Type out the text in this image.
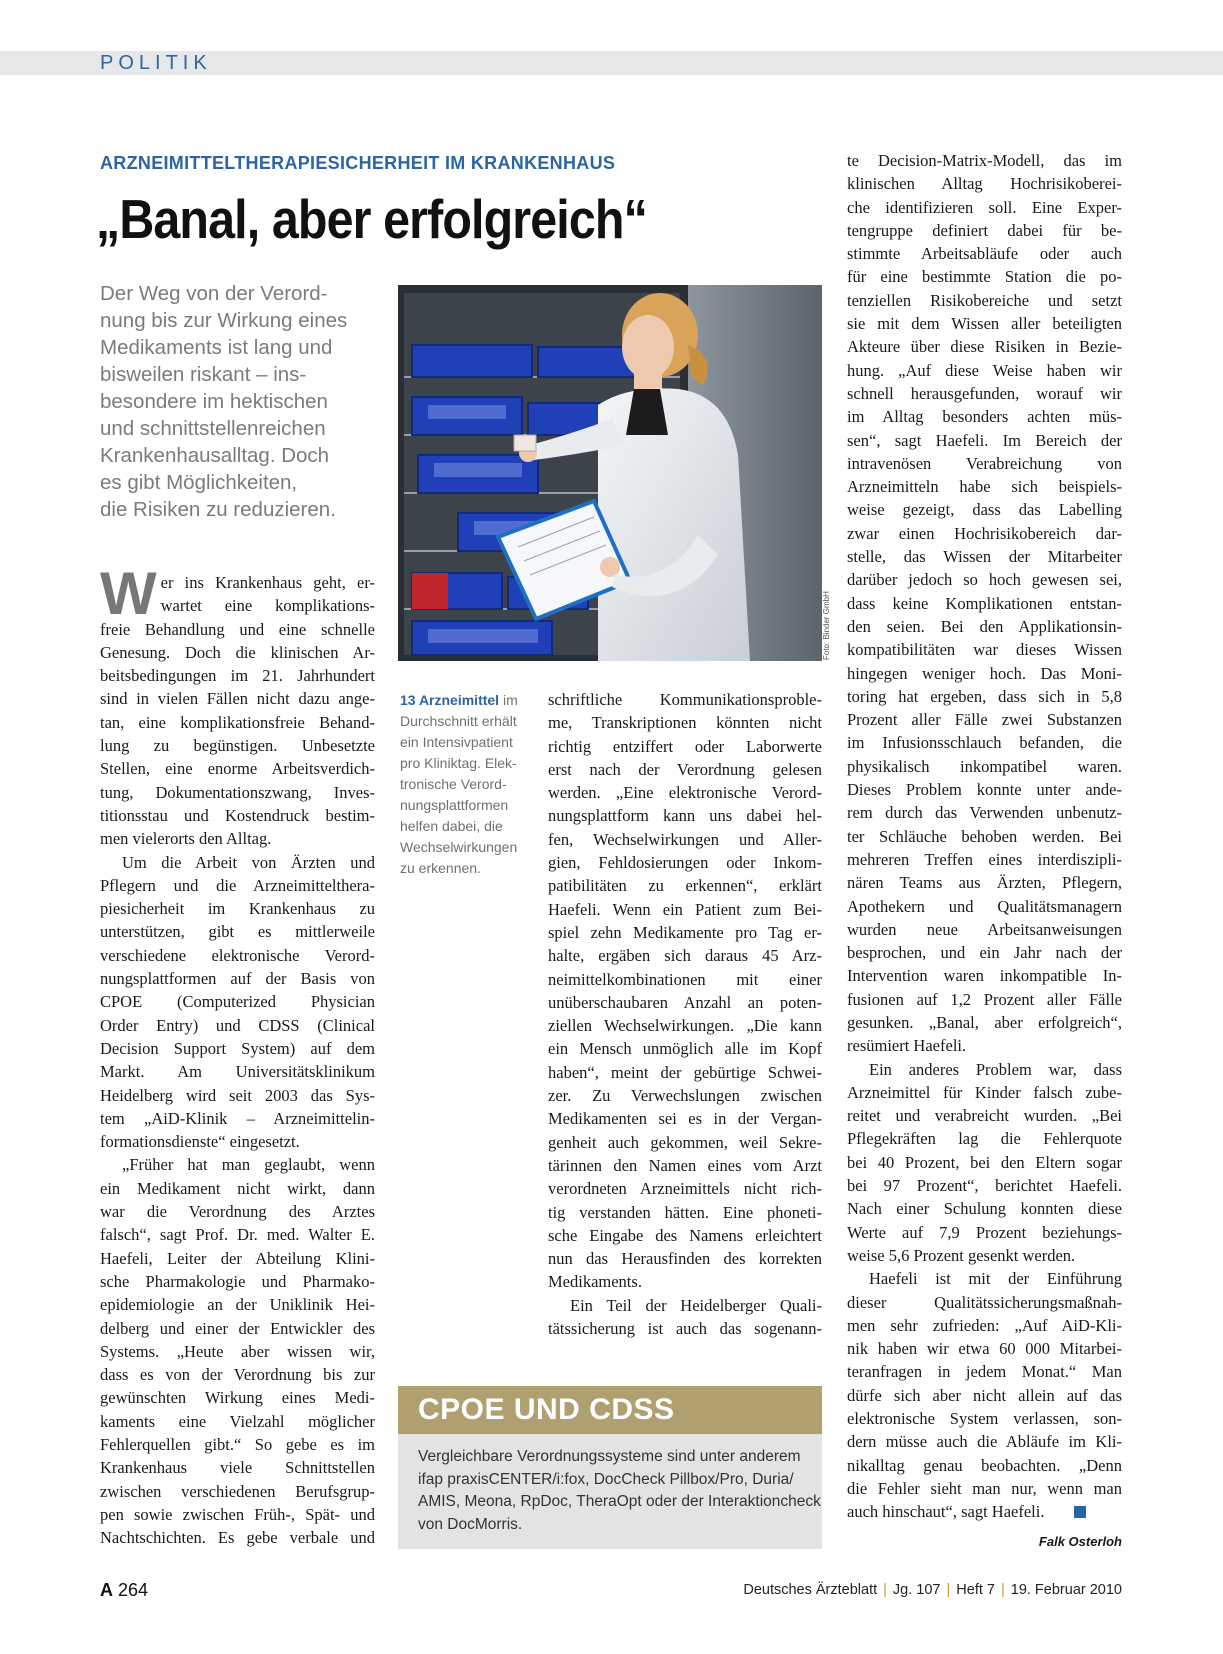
POLITIK
ARZNEIMITTELTHERAPIESICHERHEIT IM KRANKENHAUS
„Banal, aber erfolgreich“
Der Weg von der Verord-
nung bis zur Wirkung eines
Medikaments ist lang und
bisweilen riskant – ins-
besondere im hektischen
und schnittstellenreichen
Krankenhausalltag. Doch
es gibt Möglichkeiten,
die Risiken zu reduzieren.
Foto: Binder GmbH
13 Arzneimittel im
Durchschnitt erhält
ein Intensivpatient
pro Kliniktag. Elek-
tronische Verord-
nungsplattformen
helfen dabei, die
Wechselwirkungen
zu erkennen.
W er ins Krankenhaus geht, er-
wartet eine komplikations-
freie Behandlung und eine schnelle
Genesung. Doch die klinischen Ar-
beitsbedingungen im 21. Jahrhundert
sind in vielen Fällen nicht dazu ange-
tan, eine komplikationsfreie Behand-
lung zu begünstigen. Unbesetzte
Stellen, eine enorme Arbeitsverdich-
tung, Dokumentationszwang, Inves-
titionsstau und Kostendruck bestim-
men vielerorts den Alltag.
Um die Arbeit von Ärzten und
Pflegern und die Arzneimittelthera-
piesicherheit im Krankenhaus zu
unterstützen, gibt es mittlerweile
verschiedene elektronische Verord-
nungsplattformen auf der Basis von
CPOE (Computerized Physician
Order Entry) und CDSS (Clinical
Decision Support System) auf dem
Markt. Am Universitätsklinikum
Heidelberg wird seit 2003 das Sys-
tem „AiD-Klinik – Arzneimittelin-
formationsdienste“ eingesetzt.
„Früher hat man geglaubt, wenn
ein Medikament nicht wirkt, dann
war die Verordnung des Arztes
falsch“, sagt Prof. Dr. med. Walter E.
Haefeli, Leiter der Abteilung Klini-
sche Pharmakologie und Pharmako-
epidemiologie an der Uniklinik Hei-
delberg und einer der Entwickler des
Systems. „Heute aber wissen wir,
dass es von der Verordnung bis zur
gewünschten Wirkung eines Medi-
kaments eine Vielzahl möglicher
Fehlerquellen gibt.“ So gebe es im
Krankenhaus viele Schnittstellen
zwischen verschiedenen Berufsgrup-
pen sowie zwischen Früh-, Spät- und
Nachtschichten. Es gebe verbale und
schriftliche Kommunikationsproble-
me, Transkriptionen könnten nicht
richtig entziffert oder Laborwerte
erst nach der Verordnung gelesen
werden. „Eine elektronische Verord-
nungsplattform kann uns dabei hel-
fen, Wechselwirkungen und Aller-
gien, Fehldosierungen oder Inkom-
patibilitäten zu erkennen“, erklärt
Haefeli. Wenn ein Patient zum Bei-
spiel zehn Medikamente pro Tag er-
halte, ergäben sich daraus 45 Arz-
neimittelkombinationen mit einer
unüberschaubaren Anzahl an poten-
ziellen Wechselwirkungen. „Die kann
ein Mensch unmöglich alle im Kopf
haben“, meint der gebürtige Schwei-
zer. Zu Verwechslungen zwischen
Medikamenten sei es in der Vergan-
genheit auch gekommen, weil Sekre-
tärinnen den Namen eines vom Arzt
verordneten Arzneimittels nicht rich-
tig verstanden hätten. Eine phoneti-
sche Eingabe des Namens erleichtert
nun das Herausfinden des korrekten
Medikaments.
Ein Teil der Heidelberger Quali-
tätssicherung ist auch das sogenann-
te Decision-Matrix-Modell, das im
klinischen Alltag Hochrisikoberei-
che identifizieren soll. Eine Exper-
tengruppe definiert dabei für be-
stimmte Arbeitsabläufe oder auch
für eine bestimmte Station die po-
tenziellen Risikobereiche und setzt
sie mit dem Wissen aller beteiligten
Akteure über diese Risiken in Bezie-
hung. „Auf diese Weise haben wir
schnell herausgefunden, worauf wir
im Alltag besonders achten müs-
sen“, sagt Haefeli. Im Bereich der
intravenösen Verabreichung von
Arzneimitteln habe sich beispiels-
weise gezeigt, dass das Labelling
zwar einen Hochrisikobereich dar-
stelle, das Wissen der Mitarbeiter
darüber jedoch so hoch gewesen sei,
dass keine Komplikationen entstan-
den seien. Bei den Applikationsin-
kompatibilitäten war dieses Wissen
hingegen weniger hoch. Das Moni-
toring hat ergeben, dass sich in 5,8
Prozent aller Fälle zwei Substanzen
im Infusionsschlauch befanden, die
physikalisch inkompatibel waren.
Dieses Problem konnte unter ande-
rem durch das Verwenden unbenutz-
ter Schläuche behoben werden. Bei
mehreren Treffen eines interdiszipli-
nären Teams aus Ärzten, Pflegern,
Apothekern und Qualitätsmanagern
wurden neue Arbeitsanweisungen
besprochen, und ein Jahr nach der
Intervention waren inkompatible In-
fusionen auf 1,2 Prozent aller Fälle
gesunken. „Banal, aber erfolgreich“,
resümiert Haefeli.
Ein anderes Problem war, dass
Arzneimittel für Kinder falsch zube-
reitet und verabreicht wurden. „Bei
Pflegekräften lag die Fehlerquote
bei 40 Prozent, bei den Eltern sogar
bei 97 Prozent“, berichtet Haefeli.
Nach einer Schulung konnten diese
Werte auf 7,9 Prozent beziehungs-
weise 5,6 Prozent gesenkt werden.
Haefeli ist mit der Einführung
dieser Qualitätssicherungsmaßnah-
men sehr zufrieden: „Auf AiD-Kli-
nik haben wir etwa 60 000 Mitarbei-
teranfragen in jedem Monat.“ Man
dürfe sich aber nicht allein auf das
elektronische System verlassen, son-
dern müsse auch die Abläufe im Kli-
nikalltag genau beobachten. „Denn
die Fehler sieht man nur, wenn man
auch hinschaut“, sagt Haefeli.
Falk Osterloh
CPOE UND CDSS
Vergleichbare Verordnungssysteme sind unter anderem
ifap praxisCENTER/i:fox, DocCheck Pillbox/Pro, Duria/
AMIS, Meona, RpDoc, TheraOpt oder der Interaktioncheck
von DocMorris.
A 264	Deutsches Ärzteblatt | Jg. 107 | Heft 7 | 19. Februar 2010
